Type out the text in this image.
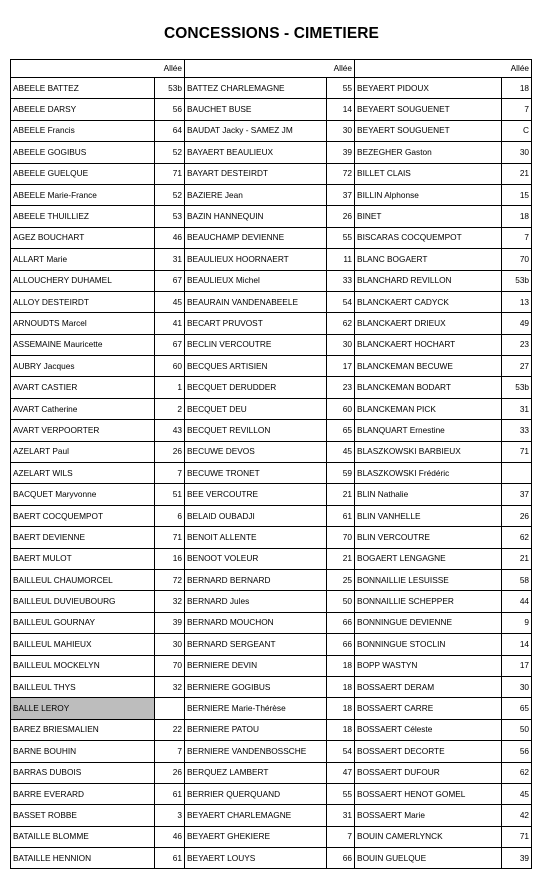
CONCESSIONS - CIMETIERE
Allée		Allée		Allée	
ABEELE BATTEZ	53b	BATTEZ CHARLEMAGNE	55	BEYAERT PIDOUX	18
ABEELE DARSY	56	BAUCHET BUSE	14	BEYAERT SOUGUENET	7
ABEELE Francis	64	BAUDAT Jacky - SAMEZ JM	30	BEYAERT SOUGUENET	C
ABEELE GOGIBUS	52	BAYAERT BEAULIEUX	39	BEZEGHER Gaston	30
ABEELE GUELQUE	71	BAYART DESTEIRDT	72	BILLET CLAIS	21
ABEELE Marie-France	52	BAZIERE Jean	37	BILLIN Alphonse	15
ABEELE THUILLIEZ	53	BAZIN HANNEQUIN	26	BINET	18
AGEZ BOUCHART	46	BEAUCHAMP DEVIENNE	55	BISCARAS COCQUEMPOT	7
ALLART Marie	31	BEAULIEUX HOORNAERT	11	BLANC BOGAERT	70
ALLOUCHERY DUHAMEL	67	BEAULIEUX Michel	33	BLANCHARD REVILLON	53b
ALLOY DESTEIRDT	45	BEAURAIN VANDENABEELE	54	BLANCKAERT CADYCK	13
ARNOUDTS Marcel	41	BECART PRUVOST	62	BLANCKAERT DRIEUX	49
ASSEMAINE Mauricette	67	BECLIN VERCOUTRE	30	BLANCKAERT HOCHART	23
AUBRY Jacques	60	BECQUES ARTISIEN	17	BLANCKEMAN BECUWE	27
AVART CASTIER	1	BECQUET DERUDDER	23	BLANCKEMAN BODART	53b
AVART Catherine	2	BECQUET DEU	60	BLANCKEMAN PICK	31
AVART VERPOORTER	43	BECQUET REVILLON	65	BLANQUART Ernestine	33
AZELART Paul	26	BECUWE DEVOS	45	BLASZKOWSKI BARBIEUX	71
AZELART WILS	7	BECUWE TRONET	59	BLASZKOWSKI Frédéric	
BACQUET Maryvonne	51	BEE VERCOUTRE	21	BLIN Nathalie	37
BAERT COCQUEMPOT	6	BELAID OUBADJI	61	BLIN VANHELLE	26
BAERT DEVIENNE	71	BENOIT ALLENTE	70	BLIN VERCOUTRE	62
BAERT MULOT	16	BENOOT VOLEUR	21	BOGAERT LENGAGNE	21
BAILLEUL CHAUMORCEL	72	BERNARD BERNARD	25	BONNAILLIE LESUISSE	58
BAILLEUL DUVIEUBOURG	32	BERNARD Jules	50	BONNAILLIE SCHEPPER	44
BAILLEUL GOURNAY	39	BERNARD MOUCHON	66	BONNINGUE DEVIENNE	9
BAILLEUL MAHIEUX	30	BERNARD SERGEANT	66	BONNINGUE STOCLIN	14
BAILLEUL MOCKELYN	70	BERNIERE DEVIN	18	BOPP WASTYN	17
BAILLEUL THYS	32	BERNIERE GOGIBUS	18	BOSSAERT DERAM	30
BALLE LEROY		BERNIERE Marie-Thérèse	18	BOSSAERT CARRE	65
BAREZ BRIESMALIEN	22	BERNIERE PATOU	18	BOSSAERT Céleste	50
BARNE BOUHIN	7	BERNIERE VANDENBOSSCHE	54	BOSSAERT DECORTE	56
BARRAS DUBOIS	26	BERQUEZ LAMBERT	47	BOSSAERT DUFOUR	62
BARRE EVERARD	61	BERRIER QUERQUAND	55	BOSSAERT HENOT GOMEL	45
BASSET ROBBE	3	BEYAERT CHARLEMAGNE	31	BOSSAERT Marie	42
BATAILLE BLOMME	46	BEYAERT GHEKIERE	7	BOUIN CAMERLYNCK	71
BATAILLE HENNION	61	BEYAERT LOUYS	66	BOUIN GUELQUE	39
